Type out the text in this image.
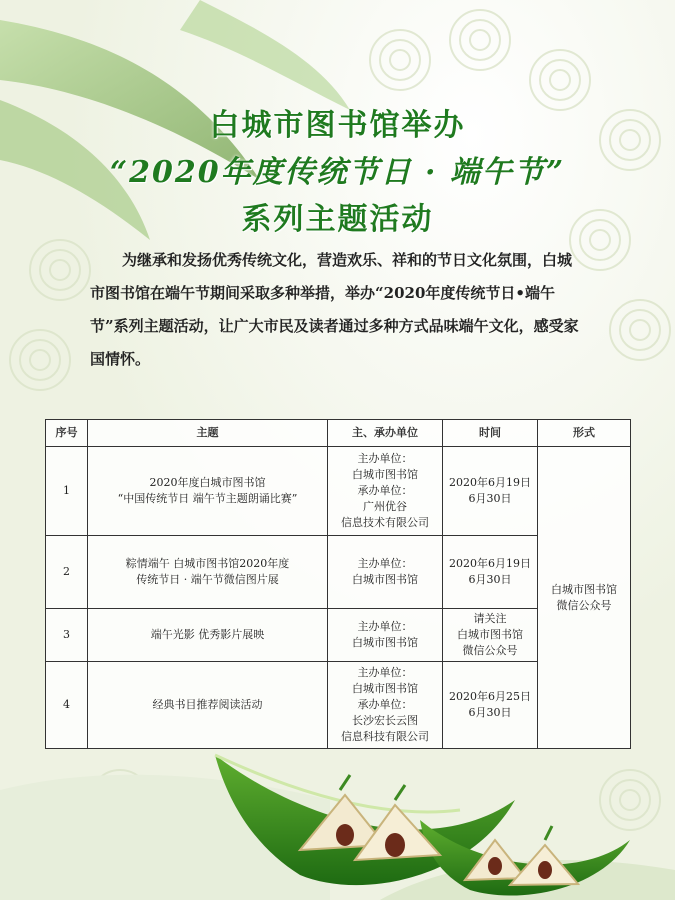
白城市图书馆举办
“2020年度传统节日 · 端午节”
系列主题活动
为继承和发扬优秀传统文化，营造欢乐、祥和的节日文化氛围，白城市图书馆在端午节期间采取多种举措，举办“2020年度传统节日•端午节”系列主题活动，让广大市民及读者通过多种方式品味端午文化，感受家国情怀。
序号	主题	主、承办单位	时间	形式
1	2020年度白城市图书馆
“中国传统节日 端午节主题朗诵比赛”	主办单位：
白城市图书馆
承办单位：
广州优谷
信息技术有限公司	2020年6月19日
6月30日	白城市图书馆
微信公众号

2	粽情端午 白城市图书馆2020年度
传统节日 · 端午节微信图片展	主办单位：
白城市图书馆	2020年6月19日
6月30日	

3	端午光影 优秀影片展映	主办单位：
白城市图书馆	请关注
白城市图书馆
微信公众号	

4	经典书目推荐阅读活动	主办单位：
白城市图书馆
承办单位：
长沙宏长云图
信息科技有限公司	2020年6月25日
6月30日	
